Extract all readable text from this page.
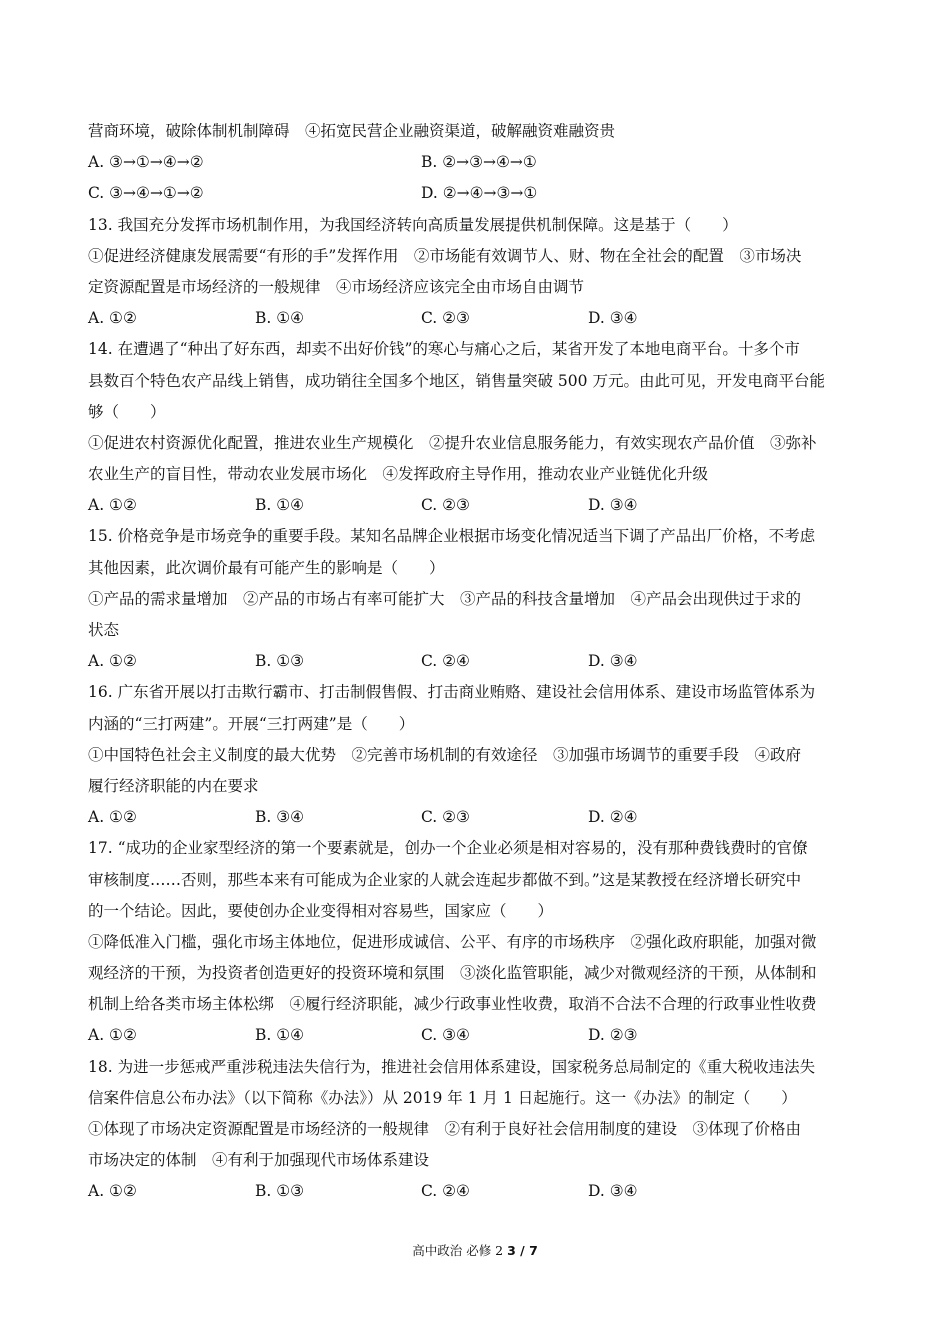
营商环境，破除体制机制障碍　④拓宽民营企业融资渠道，破解融资难融资贵
A. ③→①→④→②	B. ②→③→④→①
C. ③→④→①→②	D. ②→④→③→①
13. 我国充分发挥市场机制作用，为我国经济转向高质量发展提供机制保障。这是基于（　　）
①促进经济健康发展需要“有形的手”发挥作用　②市场能有效调节人、财、物在全社会的配置　③市场决
定资源配置是市场经济的一般规律　④市场经济应该完全由市场自由调节
A. ①②	B. ①④	C. ②③	D. ③④
14. 在遭遇了“种出了好东西，却卖不出好价钱”的寒心与痛心之后，某省开发了本地电商平台。十多个市
县数百个特色农产品线上销售，成功销往全国多个地区，销售量突破 500 万元。由此可见，开发电商平台能
够（　　）
①促进农村资源优化配置，推进农业生产规模化　②提升农业信息服务能力，有效实现农产品价值　③弥补
农业生产的盲目性，带动农业发展市场化　④发挥政府主导作用，推动农业产业链优化升级
A. ①②	B. ①④	C. ②③	D. ③④
15. 价格竞争是市场竞争的重要手段。某知名品牌企业根据市场变化情况适当下调了产品出厂价格，不考虑
其他因素，此次调价最有可能产生的影响是（　　）
①产品的需求量增加　②产品的市场占有率可能扩大　③产品的科技含量增加　④产品会出现供过于求的
状态
A. ①②	B. ①③	C. ②④	D. ③④
16. 广东省开展以打击欺行霸市、打击制假售假、打击商业贿赂、建设社会信用体系、建设市场监管体系为
内涵的“三打两建”。开展“三打两建”是（　　）
①中国特色社会主义制度的最大优势　②完善市场机制的有效途径　③加强市场调节的重要手段　④政府
履行经济职能的内在要求
A. ①②	B. ③④	C. ②③	D. ②④
17. “成功的企业家型经济的第一个要素就是，创办一个企业必须是相对容易的，没有那种费钱费时的官僚
审核制度……否则，那些本来有可能成为企业家的人就会连起步都做不到。”这是某教授在经济增长研究中
的一个结论。因此，要使创办企业变得相对容易些，国家应（　　）
①降低准入门槛，强化市场主体地位，促进形成诚信、公平、有序的市场秩序　②强化政府职能，加强对微
观经济的干预，为投资者创造更好的投资环境和氛围　③淡化监管职能，减少对微观经济的干预，从体制和
机制上给各类市场主体松绑　④履行经济职能，减少行政事业性收费，取消不合法不合理的行政事业性收费
A. ①②	B. ①④	C. ③④	D. ②③
18. 为进一步惩戒严重涉税违法失信行为，推进社会信用体系建设，国家税务总局制定的《重大税收违法失
信案件信息公布办法》（以下简称《办法》）从 2019 年 1 月 1 日起施行。这一《办法》的制定（　　）
①体现了市场决定资源配置是市场经济的一般规律　②有利于良好社会信用制度的建设　③体现了价格由
市场决定的体制　④有利于加强现代市场体系建设
A. ①②	B. ①③	C. ②④	D. ③④
高中政治 必修 2 3 / 7
